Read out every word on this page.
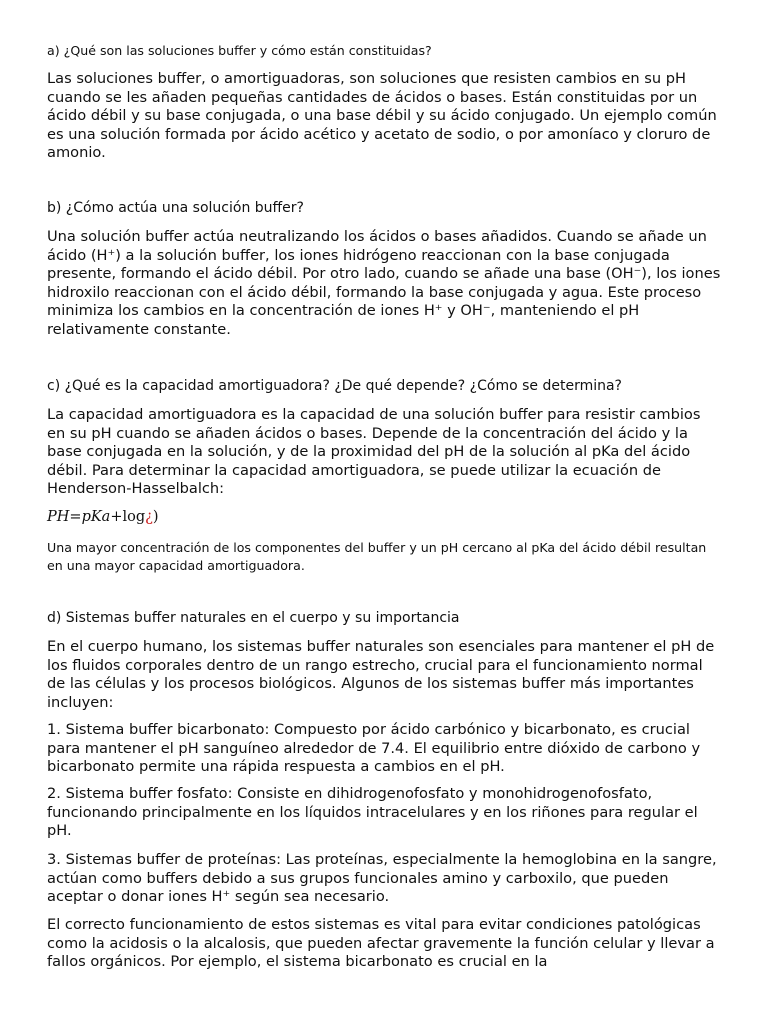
a) ¿Qué son las soluciones buffer y cómo están constituidas?

Las soluciones buffer, o amortiguadoras, son soluciones que resisten cambios en su pH cuando se les añaden pequeñas cantidades de ácidos o bases. Están constituidas por un ácido débil y su base conjugada, o una base débil y su ácido conjugado. Un ejemplo común es una solución formada por ácido acético y acetato de sodio, o por amoníaco y cloruro de amonio.

b) ¿Cómo actúa una solución buffer?

Una solución buffer actúa neutralizando los ácidos o bases añadidos. Cuando se añade un ácido (H⁺) a la solución buffer, los iones hidrógeno reaccionan con la base conjugada presente, formando el ácido débil. Por otro lado, cuando se añade una base (OH⁻), los iones hidroxilo reaccionan con el ácido débil, formando la base conjugada y agua. Este proceso minimiza los cambios en la concentración de iones H⁺ y OH⁻, manteniendo el pH relativamente constante.

c) ¿Qué es la capacidad amortiguadora? ¿De qué depende? ¿Cómo se determina?

La capacidad amortiguadora es la capacidad de una solución buffer para resistir cambios en su pH cuando se añaden ácidos o bases. Depende de la concentración del ácido y la base conjugada en la solución, y de la proximidad del pH de la solución al pKa del ácido débil. Para determinar la capacidad amortiguadora, se puede utilizar la ecuación de Henderson-Hasselbalch:

PH=pKa+log¿)

Una mayor concentración de los componentes del buffer y un pH cercano al pKa del ácido débil resultan en una mayor capacidad amortiguadora.

d) Sistemas buffer naturales en el cuerpo y su importancia

En el cuerpo humano, los sistemas buffer naturales son esenciales para mantener el pH de los fluidos corporales dentro de un rango estrecho, crucial para el funcionamiento normal de las células y los procesos biológicos. Algunos de los sistemas buffer más importantes incluyen:

1. Sistema buffer bicarbonato: Compuesto por ácido carbónico y bicarbonato, es crucial para mantener el pH sanguíneo alrededor de 7.4. El equilibrio entre dióxido de carbono y bicarbonato permite una rápida respuesta a cambios en el pH.

2. Sistema buffer fosfato: Consiste en dihidrogenofosfato y monohidrogenofosfato, funcionando principalmente en los líquidos intracelulares y en los riñones para regular el pH.

3. Sistemas buffer de proteínas: Las proteínas, especialmente la hemoglobina en la sangre, actúan como buffers debido a sus grupos funcionales amino y carboxilo, que pueden aceptar o donar iones H⁺ según sea necesario.

El correcto funcionamiento de estos sistemas es vital para evitar condiciones patológicas como la acidosis o la alcalosis, que pueden afectar gravemente la función celular y llevar a fallos orgánicos. Por ejemplo, el sistema bicarbonato es crucial en la
